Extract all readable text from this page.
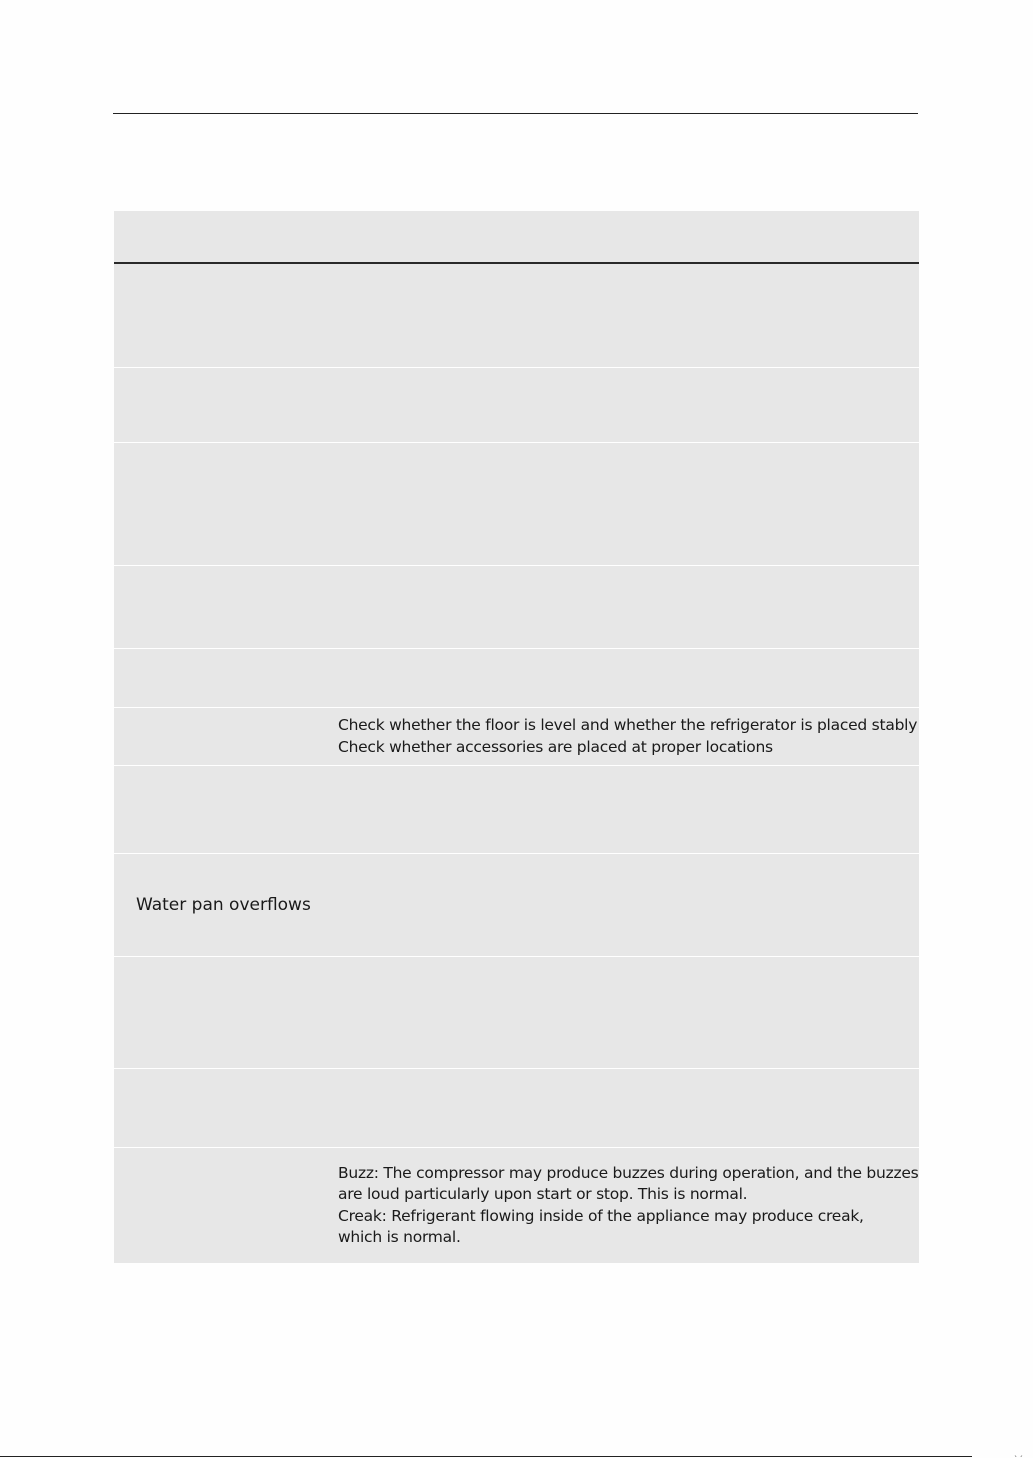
Check whether the floor is level and whether the refrigerator is placed stably
Check whether accessories are placed at proper locations
Water pan overflows
Buzz: The compressor may produce buzzes during operation, and the buzzes
are loud particularly upon start or stop. This is normal.
Creak: Refrigerant flowing inside of the appliance may produce creak,
which is normal.
ˎˏ
